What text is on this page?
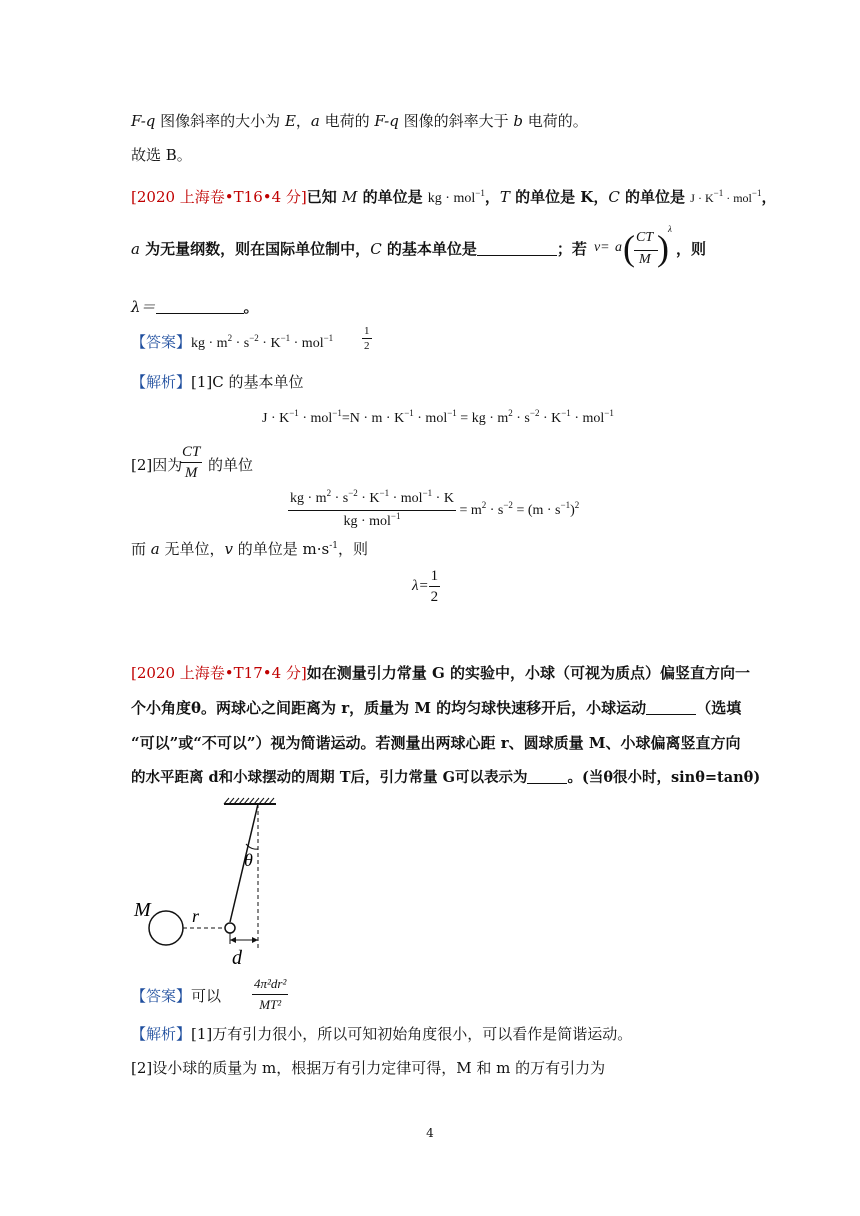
F-q 图像斜率的大小为 E，a 电荷的 F-q 图像的斜率大于 b 电荷的。
故选 B。
[2020 上海卷•T16•4 分]已知 M 的单位是 kg · mol$^{-1}$，T 的单位是 K，C 的单位是 $J \cdot K^{-1} \cdot mol^{-1}$，
a 为无量纲数，则在国际单位制中，C 的基本单位是	；若 v = a ( CT
M ) λ
，则
λ＝	。
【答案】kg · $m^2 \cdot s^{-2} \cdot K^{-1} \cdot mol^{-1}$	$\frac{1}{2}$
【解析】[1]C 的基本单位
$J \cdot K^{-1} \cdot mol^{-1}=N \cdot m \cdot K^{-1} \cdot mol^{-1}$ = kg · $m^2 \cdot s^{-2} \cdot K^{-1} \cdot mol^{-1}$
[2]因为
$\frac{CT}{M}$ 的单位
kg · $m^2 \cdot s^{-2} \cdot K^{-1} \cdot mol^{-1} \cdot K$
kg · mol$^{-1}$	= $m^2 \cdot s^{-2} = (m \cdot s^{-1})^2$
而 a 无单位，v 的单位是 $m\cdot s^{-1}$，则
$\lambda= \frac{1}{2}$
[2020 上海卷•T17•4 分]如在测量引力常量 G 的实验中，小球（可视为质点）偏竖直方向一
个小角度θ。两球心之间距离为 r，质量为 M 的均匀球快速移开后，小球运动	（选填
“可以”或“不可以”）视为简谐运动。若测量出两球心距 r、圆球质量 M、小球偏离竖直方向
的水平距离 d和小球摆动的周期 T后，引力常量 G可以表示为	。(当θ很小时，sinθ=tanθ)
M r
θ
d
【答案】可以 $\frac{\text{4π²dr²}}{\text{MT²}}$
【解析】[1]万有引力很小，所以可知初始角度很小，可以看作是简谐运动。
[2]设小球的质量为 m，根据万有引力定律可得，M 和 m 的万有引力为
4
